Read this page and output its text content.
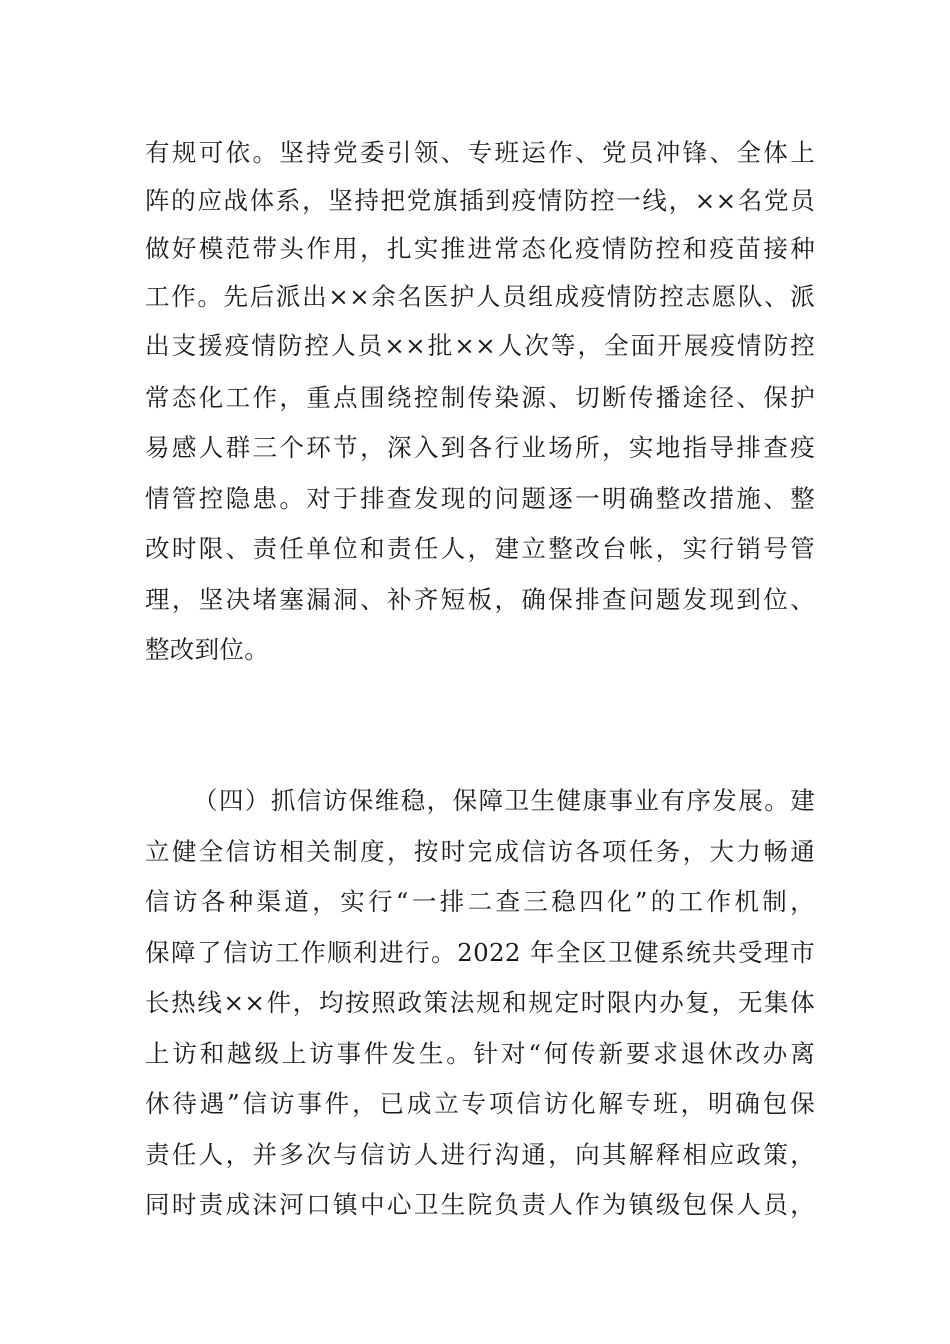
有规可依。坚持党委引领、专班运作、党员冲锋、全体上
阵的应战体系，坚持把党旗插到疫情防控一线，××名党员
做好模范带头作用，扎实推进常态化疫情防控和疫苗接种
工作。先后派出××余名医护人员组成疫情防控志愿队、派
出支援疫情防控人员××批××人次等，全面开展疫情防控
常态化工作，重点围绕控制传染源、切断传播途径、保护
易感人群三个环节，深入到各行业场所，实地指导排查疫
情管控隐患。对于排查发现的问题逐一明确整改措施、整
改时限、责任单位和责任人，建立整改台帐，实行销号管
理，坚决堵塞漏洞、补齐短板，确保排查问题发现到位、
整改到位。
（四）抓信访保维稳，保障卫生健康事业有序发展。建
立健全信访相关制度，按时完成信访各项任务，大力畅通
信访各种渠道，实行“一排二查三稳四化”的工作机制，
保障了信访工作顺利进行。2022 年全区卫健系统共受理市
长热线××件，均按照政策法规和规定时限内办复，无集体
上访和越级上访事件发生。针对“何传新要求退休改办离
休待遇”信访事件，已成立专项信访化解专班，明确包保
责任人，并多次与信访人进行沟通，向其解释相应政策，
同时责成沫河口镇中心卫生院负责人作为镇级包保人员，
